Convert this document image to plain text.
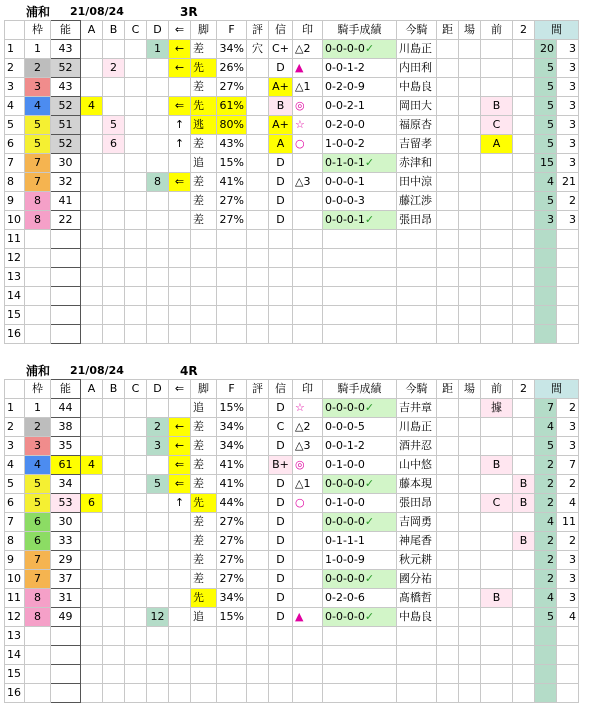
浦和 21/08/24	3R
	枠	能	A	B	C	D	⇐	脚	F	評	信	印	騎手成績	今騎	距	場	前	2	間	
1	1	43				1	←	差	34%	穴	C+	△2	0-0-0-0✓	川島正					20	3
2	2	52		2			←	先	26%		D	▲	0-0-1-2	内田利					5	3
3	3	43						差	27%		A+	△1	0-2-0-9	中島良					5	3
4	4	52	4				⇐	先	61%		B	◎	0-0-2-1	岡田大			B		5	3
5	5	51		5			↑	逃	80%		A+	☆	0-2-0-0	福原杏			C		5	3
6	5	52		6			↑	差	43%		A	○	1-0-0-2	吉留孝			A		5	3
7	7	30						追	15%		D		0-1-0-1✓	赤津和					15	3
8	7	32				8	⇐	差	41%		D	△3	0-0-0-1	田中涼					4	21
9	8	41						差	27%		D		0-0-0-3	藤江渉					5	2
10	8	22						差	27%		D		0-0-0-1✓	張田昂					3	3
11																				
12																				
13																				
14																				
15																				
16																				
浦和 21/08/24	4R
	枠	能	A	B	C	D	⇐	脚	F	評	信	印	騎手成績	今騎	距	場	前	2	間	
1	1	44						追	15%		D	☆	0-0-0-0✓	吉井章			據		7	2
2	2	38				2	←	差	34%		C	△2	0-0-0-5	川島正					4	3
3	3	35				3	←	差	34%		D	△3	0-0-1-2	酒井忍					5	3
4	4	61	4				⇐	差	41%		B+	◎	0-1-0-0	山中悠			B		2	7
5	5	34				5	⇐	差	41%		D	△1	0-0-0-0✓	藤本現				B	2	2
6	5	53	6				↑	先	44%		D	○	0-1-0-0	張田昂			C	B	2	4
7	6	30						差	27%		D		0-0-0-0✓	吉岡勇					4	11
8	6	33						差	27%		D		0-1-1-1	神尾香				B	2	2
9	7	29						差	27%		D		1-0-0-9	秋元耕					2	3
10	7	37						差	27%		D		0-0-0-0✓	國分祐					2	3
11	8	31						先	34%		D		0-2-0-6	髙橋哲			B		4	3
12	8	49				12		追	15%		D	▲	0-0-0-0✓	中島良					5	4
13																				
14																				
15																				
16																				
